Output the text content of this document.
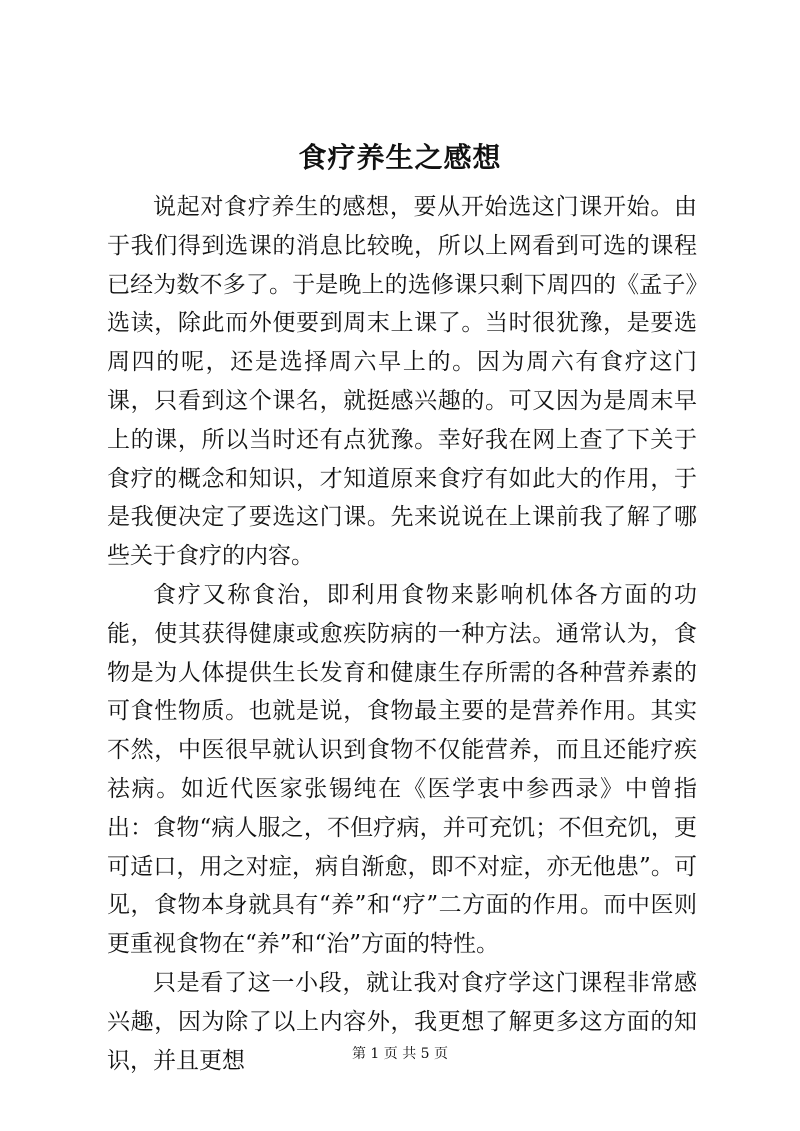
食疗养生之感想

说起对食疗养生的感想，要从开始选这门课开始。由于我们得到选课的消息比较晚，所以上网看到可选的课程已经为数不多了。于是晚上的选修课只剩下周四的《孟子》选读，除此而外便要到周末上课了。当时很犹豫，是要选周四的呢，还是选择周六早上的。因为周六有食疗这门课，只看到这个课名，就挺感兴趣的。可又因为是周末早上的课，所以当时还有点犹豫。幸好我在网上查了下关于食疗的概念和知识，才知道原来食疗有如此大的作用，于是我便决定了要选这门课。先来说说在上课前我了解了哪些关于食疗的内容。

食疗又称食治，即利用食物来影响机体各方面的功能，使其获得健康或愈疾防病的一种方法。通常认为，食物是为人体提供生长发育和健康生存所需的各种营养素的可食性物质。也就是说，食物最主要的是营养作用。其实不然，中医很早就认识到食物不仅能营养，而且还能疗疾祛病。如近代医家张锡纯在《医学衷中参西录》中曾指出：食物“病人服之，不但疗病，并可充饥；不但充饥，更可适口，用之对症，病自渐愈，即不对症，亦无他患”。可见，食物本身就具有“养”和“疗”二方面的作用。而中医则更重视食物在“养”和“治”方面的特性。

只是看了这一小段，就让我对食疗学这门课程非常感兴趣，因为除了以上内容外，我更想了解更多这方面的知识，并且更想	第 1 页 共 5 页
